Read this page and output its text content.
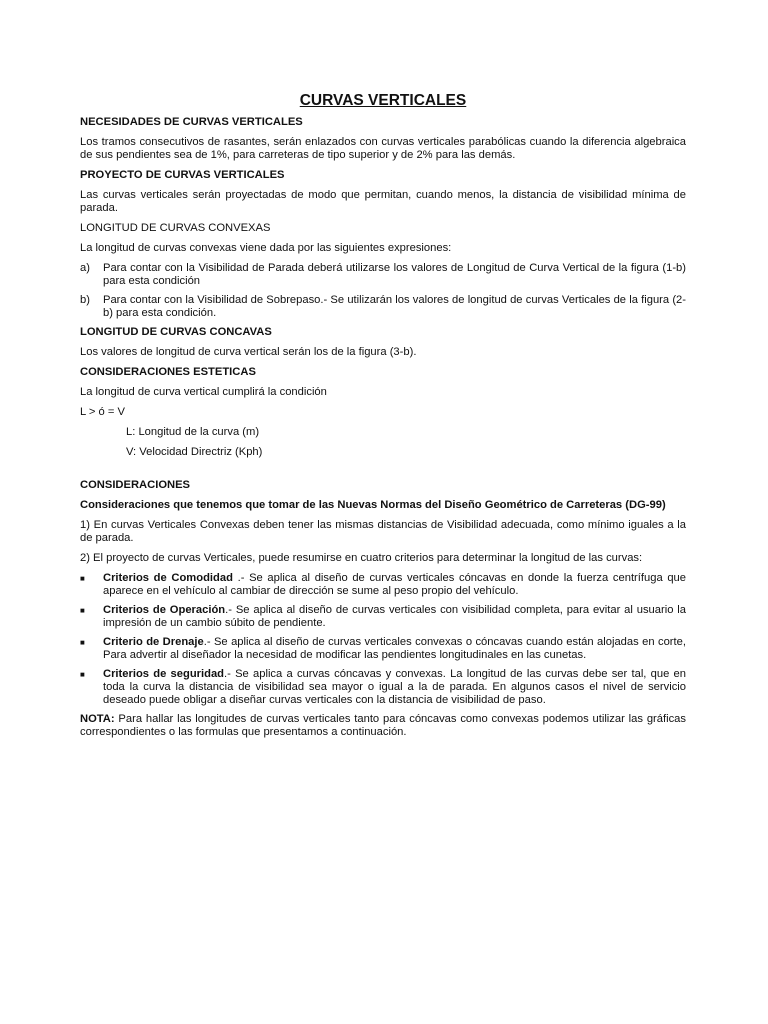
CURVAS VERTICALES
NECESIDADES DE CURVAS VERTICALES

Los tramos consecutivos de rasantes, serán enlazados con curvas verticales parabólicas cuando la diferencia algebraica de sus pendientes sea de 1%, para carreteras de tipo superior y de 2% para las demás.

PROYECTO DE CURVAS VERTICALES

Las curvas verticales serán proyectadas de modo que permitan, cuando menos, la distancia de visibilidad mínima de parada.

LONGITUD DE CURVAS CONVEXAS

La longitud de curvas convexas viene dada por las siguientes expresiones:

a)	Para contar con la Visibilidad de Parada deberá utilizarse los valores de Longitud de Curva Vertical de la figura (1-b) para esta condición
b)	Para contar con la Visibilidad de Sobrepaso.- Se utilizarán los valores de longitud de curvas Verticales de la figura (2-b) para esta condición.
LONGITUD DE CURVAS CONCAVAS

Los valores de longitud de curva vertical serán los de la figura (3-b).

CONSIDERACIONES ESTETICAS

La longitud de curva vertical cumplirá la condición

L > ó = V

L: Longitud de la curva (m)
V: Velocidad Directriz (Kph)
CONSIDERACIONES
Consideraciones que tenemos que tomar de las Nuevas Normas del Diseño Geométrico de Carreteras (DG-99)

1) En curvas Verticales Convexas deben tener las mismas distancias de Visibilidad adecuada, como mínimo iguales a la de parada.

2) El proyecto de curvas Verticales, puede resumirse en cuatro criterios para determinar la longitud de las curvas:

■	Criterios de Comodidad .- Se aplica al diseño de curvas verticales cóncavas en donde la fuerza centrífuga que aparece en el vehículo al cambiar de dirección se sume al peso propio del vehículo.
■	Criterios de Operación.- Se aplica al diseño de curvas verticales con visibilidad completa, para evitar al usuario la impresión de un cambio súbito de pendiente.
■	Criterio de Drenaje.- Se aplica al diseño de curvas verticales convexas o cóncavas cuando están alojadas en corte, Para advertir al diseñador la necesidad de modificar las pendientes longitudinales en las cunetas.
■	Criterios de seguridad.- Se aplica a curvas cóncavas y convexas. La longitud de las curvas debe ser tal, que en toda la curva la distancia de visibilidad sea mayor o igual a la de parada. En algunos casos el nivel de servicio deseado puede obligar a diseñar curvas verticales con la distancia de visibilidad de paso.

NOTA: Para hallar las longitudes de curvas verticales tanto para cóncavas como convexas podemos utilizar las gráficas correspondientes o las formulas que presentamos a continuación.
